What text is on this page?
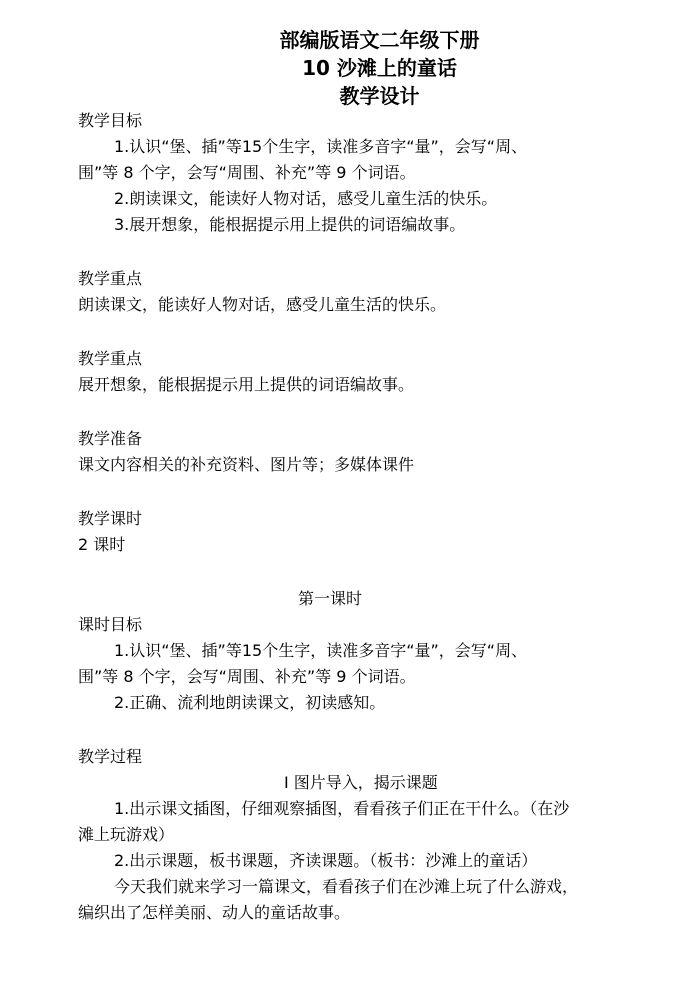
部编版语文二年级下册
10 沙滩上的童话
教学设计
教学目标
1.认识“堡、插”等15个生字，读准多音字“量”，会写“周、
围”等 8 个字，会写“周围、补充”等 9 个词语。
2.朗读课文，能读好人物对话，感受儿童生活的快乐。
3.展开想象，能根据提示用上提供的词语编故事。
教学重点
朗读课文，能读好人物对话，感受儿童生活的快乐。
教学重点
展开想象，能根据提示用上提供的词语编故事。
教学准备
课文内容相关的补充资料、图片等；多媒体课件
教学课时
2 课时
第一课时
课时目标
1.认识“堡、插”等15个生字，读准多音字“量”，会写“周、
围”等 8 个字，会写“周围、补充”等 9 个词语。
2.正确、流利地朗读课文，初读感知。
教学过程
Ⅰ 图片导入，揭示课题
1.出示课文插图，仔细观察插图，看看孩子们正在干什么。（在沙
滩上玩游戏）
2.出示课题，板书课题，齐读课题。（板书：沙滩上的童话）
今天我们就来学习一篇课文，看看孩子们在沙滩上玩了什么游戏，
编织出了怎样美丽、动人的童话故事。
